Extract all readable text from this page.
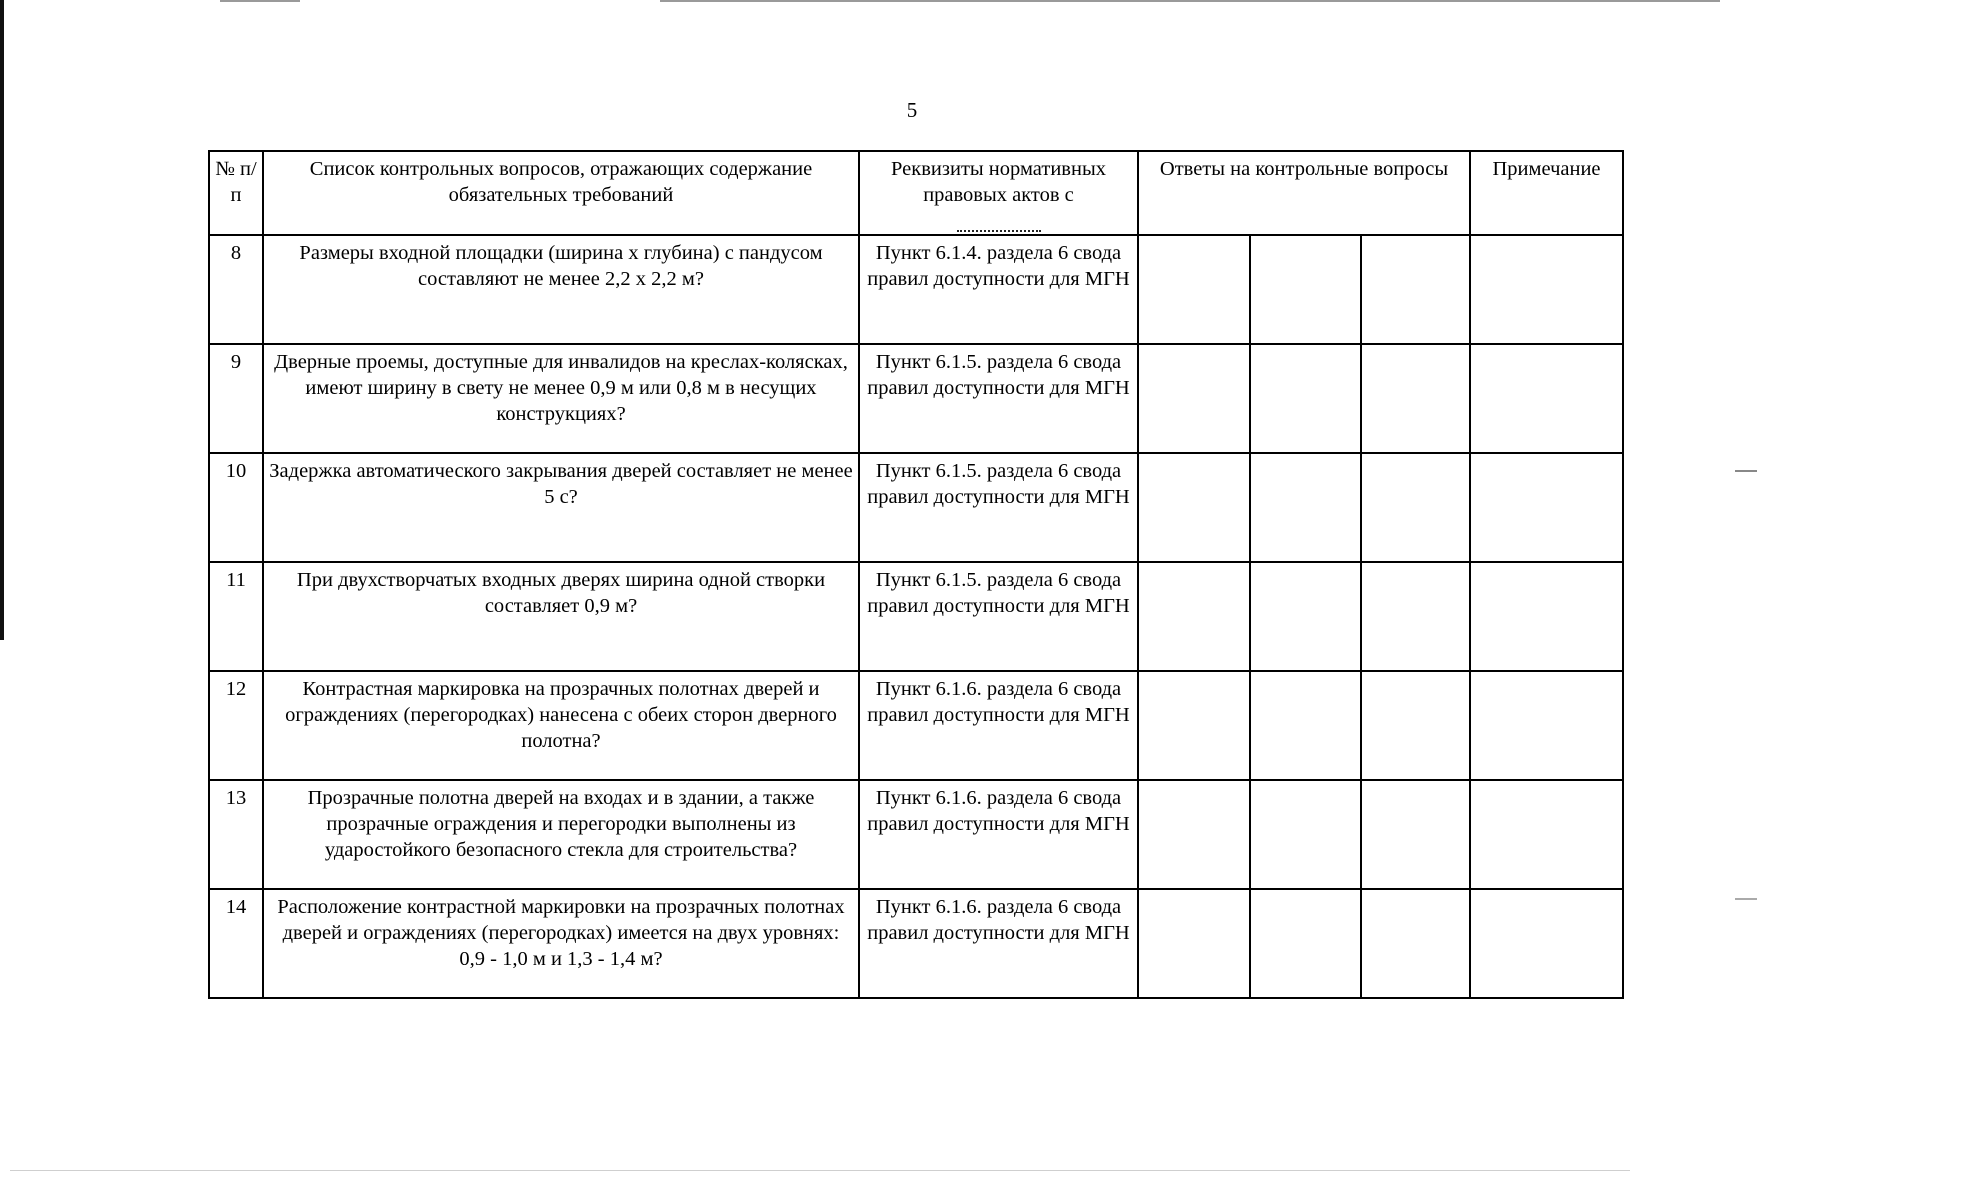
5
№ п/п	Список контрольных вопросов, отражающих содержание обязательных требований	Реквизиты нормативных правовых актов с	Ответы на контрольные вопросы			Примечание
8	Размеры входной площадки (ширина х глубина) с пандусом составляют не менее 2,2 х 2,2 м?	Пункт 6.1.4. раздела 6 свода правил доступности для МГН				
9	Дверные проемы, доступные для инвалидов на креслах-колясках, имеют ширину в свету не менее 0,9 м или 0,8 м в несущих конструкциях?	Пункт 6.1.5. раздела 6 свода правил доступности для МГН				
10	Задержка автоматического закрывания дверей составляет не менее 5 с?	Пункт 6.1.5. раздела 6 свода правил доступности для МГН				
11	При двухстворчатых входных дверях ширина одной створки составляет 0,9 м?	Пункт 6.1.5. раздела 6 свода правил доступности для МГН				
12	Контрастная маркировка на прозрачных полотнах дверей и ограждениях (перегородках) нанесена с обеих сторон дверного полотна?	Пункт 6.1.6. раздела 6 свода правил доступности для МГН				
13	Прозрачные полотна дверей на входах и в здании, а также прозрачные ограждения и перегородки выполнены из ударостойкого безопасного стекла для строительства?	Пункт 6.1.6. раздела 6 свода правил доступности для МГН				
14	Расположение контрастной маркировки на прозрачных полотнах дверей и ограждениях (перегородках) имеется на двух уровнях: 0,9 - 1,0 м и 1,3 - 1,4 м?	Пункт 6.1.6. раздела 6 свода правил доступности для МГН				
